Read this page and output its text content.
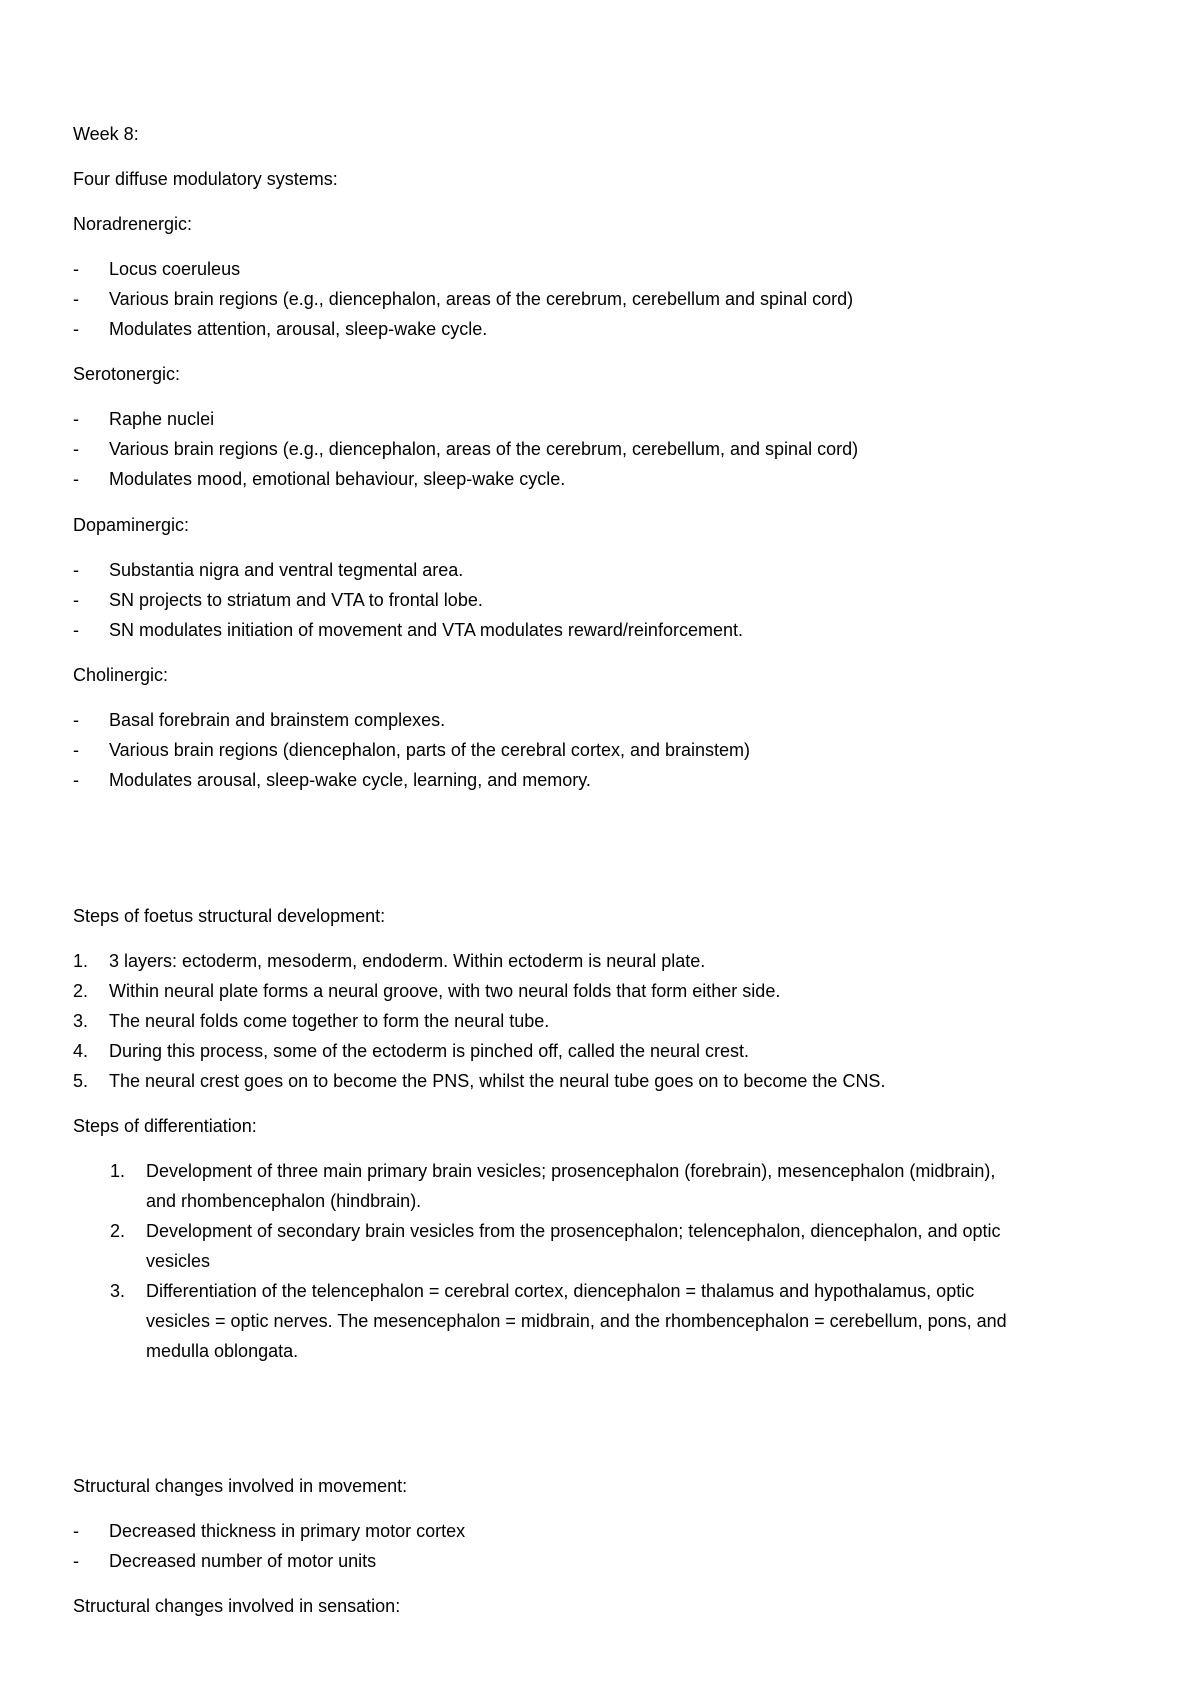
Week 8:
Four diffuse modulatory systems:
Noradrenergic:
- Locus coeruleus
- Various brain regions (e.g., diencephalon, areas of the cerebrum, cerebellum and spinal cord)
- Modulates attention, arousal, sleep-wake cycle.
Serotonergic:
- Raphe nuclei
- Various brain regions (e.g., diencephalon, areas of the cerebrum, cerebellum, and spinal cord)
- Modulates mood, emotional behaviour, sleep-wake cycle.
Dopaminergic:
- Substantia nigra and ventral tegmental area.
- SN projects to striatum and VTA to frontal lobe.
- SN modulates initiation of movement and VTA modulates reward/reinforcement.
Cholinergic:
- Basal forebrain and brainstem complexes.
- Various brain regions (diencephalon, parts of the cerebral cortex, and brainstem)
- Modulates arousal, sleep-wake cycle, learning, and memory.
Steps of foetus structural development:
1. 3 layers: ectoderm, mesoderm, endoderm. Within ectoderm is neural plate.
2. Within neural plate forms a neural groove, with two neural folds that form either side.
3. The neural folds come together to form the neural tube.
4. During this process, some of the ectoderm is pinched off, called the neural crest.
5. The neural crest goes on to become the PNS, whilst the neural tube goes on to become the CNS.
Steps of differentiation:
1. Development of three main primary brain vesicles; prosencephalon (forebrain), mesencephalon (midbrain),
and rhombencephalon (hindbrain).
2. Development of secondary brain vesicles from the prosencephalon; telencephalon, diencephalon, and optic
vesicles
3. Differentiation of the telencephalon = cerebral cortex, diencephalon = thalamus and hypothalamus, optic
vesicles = optic nerves. The mesencephalon = midbrain, and the rhombencephalon = cerebellum, pons, and
medulla oblongata.
Structural changes involved in movement:
- Decreased thickness in primary motor cortex
- Decreased number of motor units
Structural changes involved in sensation:
